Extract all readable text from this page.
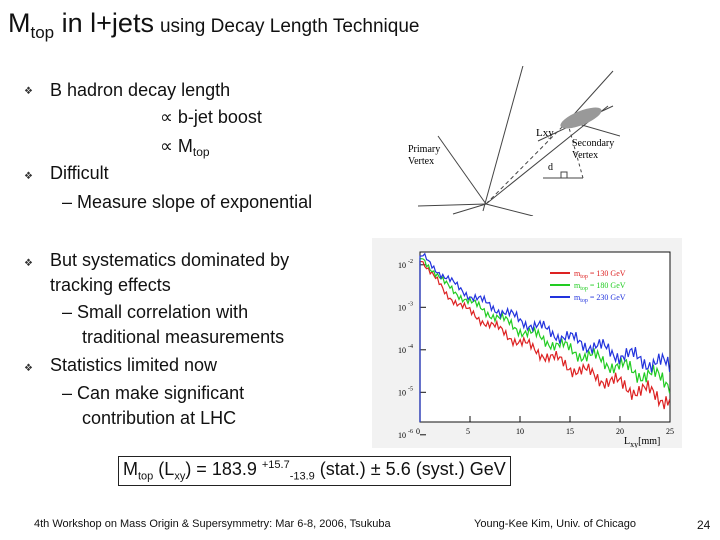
$M_{top}$ in l+jets using Decay Length Technique
❖ B hadron decay length
∝ b-jet boost
∝ $M_{top}$
❖ Difficult
– Measure slope of exponential
❖ But systematics dominated by
tracking effects
– Small correlation with
traditional measurements
❖ Statistics limited now
– Can make significant
contribution at LHC
Lxy
Primary
Vertex
Secondary
Vertex
d
10 -2
10 -3
10 -4
10 -5
10 -6 0	5	10	15	20	25
$m_{top} = 130$ GeV
$m_{top} = 180$ GeV
$m_{top} = 230$ GeV
$L_{xy}[mm]$
$M_{top}$ $(L_{xy}) = 183.9$ $^{+15.7}_{-13.9}$ (stat.) ± 5.6 (syst.) GeV
4th Workshop on Mass Origin & Supersymmetry: Mar 6-8, 2006, Tsukuba	Young-Kee Kim, Univ. of Chicago	24
